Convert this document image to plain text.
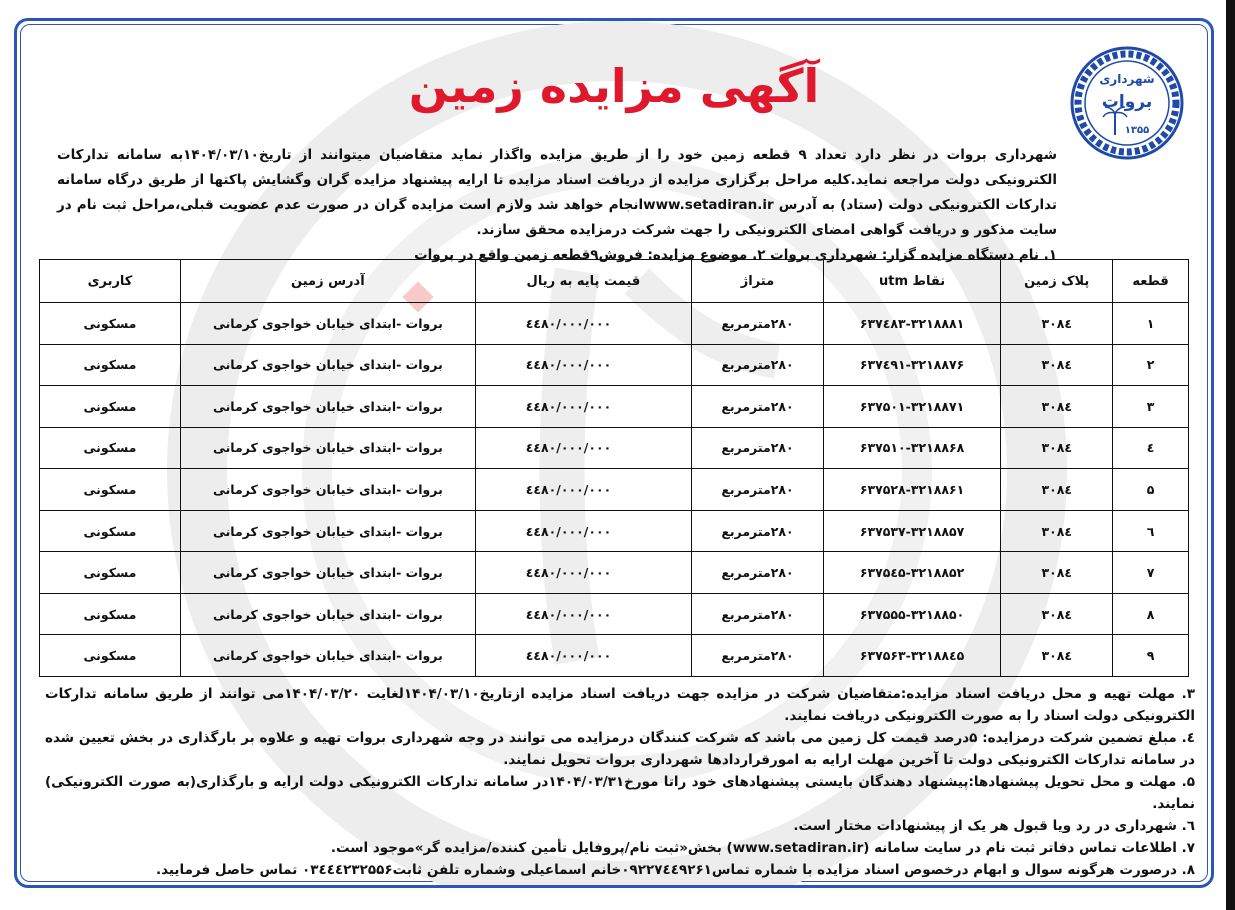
شهرداری
بروات
۱۳۵۵
آگهی مزایده زمین

شهرداری بروات در نظر دارد تعداد ۹ قطعه زمین خود را از طریق مزایده واگذار نماید متقاضیان میتوانند از تاریخ۱۴۰۴/۰۳/۱۰به سامانه تدارکات الکترونیکی دولت مراجعه نماید.کلیه مراحل برگزاری مزایده از دریافت اسناد مزایده تا ارایه پیشنهاد مزایده گران وگشایش پاکتها از طریق درگاه سامانه تدارکات الکترونیکی دولت (ستاد) به آدرس www.setadiran.irانجام خواهد شد ولازم است مزایده گران در صورت عدم عضویت قبلی،مراحل ثبت نام در سایت مذکور و دریافت گواهی امضای الکترونیکی را جهت شرکت درمزایده محقق سازند.

۱. نام دستگاه مزایده گزار: شهرداری بروات ۲. موضوع مزایده: فروش۹قطعه زمین واقع در بروات

قطعه	پلاک زمین	نقاط utm	متراژ	قیمت پایه به ریال	آدرس زمین	کاربری
۱	۳۰۸٤	۶۳۷٤۸۳-۳۲۱۸۸۸۱	۲۸۰مترمربع	٤٤۸۰/۰۰۰/۰۰۰	بروات -ابتدای خیابان خواجوی کرمانی	مسکونی
۲	۳۰۸٤	۶۳۷٤۹۱-۳۲۱۸۸۷۶	۲۸۰مترمربع	٤٤۸۰/۰۰۰/۰۰۰	بروات -ابتدای خیابان خواجوی کرمانی	مسکونی
۳	۳۰۸٤	۶۳۷۵۰۱-۳۲۱۸۸۷۱	۲۸۰مترمربع	٤٤۸۰/۰۰۰/۰۰۰	بروات -ابتدای خیابان خواجوی کرمانی	مسکونی
٤	۳۰۸٤	۶۳۷۵۱۰-۳۲۱۸۸۶۸	۲۸۰مترمربع	٤٤۸۰/۰۰۰/۰۰۰	بروات -ابتدای خیابان خواجوی کرمانی	مسکونی
۵	۳۰۸٤	۶۳۷۵۲۸-۳۲۱۸۸۶۱	۲۸۰مترمربع	٤٤۸۰/۰۰۰/۰۰۰	بروات -ابتدای خیابان خواجوی کرمانی	مسکونی
٦	۳۰۸٤	۶۳۷۵۳۷-۳۲۱۸۸۵۷	۲۸۰مترمربع	٤٤۸۰/۰۰۰/۰۰۰	بروات -ابتدای خیابان خواجوی کرمانی	مسکونی
۷	۳۰۸٤	۶۳۷۵٤۵-۳۲۱۸۸۵۲	۲۸۰مترمربع	٤٤۸۰/۰۰۰/۰۰۰	بروات -ابتدای خیابان خواجوی کرمانی	مسکونی
۸	۳۰۸٤	۶۳۷۵۵۵-۳۲۱۸۸۵۰	۲۸۰مترمربع	٤٤۸۰/۰۰۰/۰۰۰	بروات -ابتدای خیابان خواجوی کرمانی	مسکونی
۹	۳۰۸٤	۶۳۷۵۶۳-۳۲۱۸۸٤۵	۲۸۰مترمربع	٤٤۸۰/۰۰۰/۰۰۰	بروات -ابتدای خیابان خواجوی کرمانی	مسکونی

۳. مهلت تهیه و محل دریافت اسناد مزایده:متقاضیان شرکت در مزایده جهت دریافت اسناد مزایده ازتاریخ۱۴۰۴/۰۳/۱۰لغایت ۱۴۰۴/۰۳/۲۰می توانند از طریق سامانه تدارکات الکترونیکی دولت اسناد را به صورت الکترونیکی دریافت نمایند.

٤. مبلغ تضمین شرکت درمزایده: ۵درصد قیمت کل زمین می باشد که شرکت کنندگان درمزایده می توانند در وجه شهرداری بروات تهیه و علاوه بر بارگذاری در بخش تعیین شده در سامانه تدارکات الکترونیکی دولت تا آخرین مهلت ارایه به امورقراردادها شهرداری بروات تحویل نمایند.

۵. مهلت و محل تحویل پیشنهادها:پیشنهاد دهندگان بایستی پیشنهادهای خود راتا مورخ۱۴۰۴/۰۳/۳۱در سامانه تدارکات الکترونیکی دولت ارایه و بارگذاری(به صورت الکترونیکی) نمایند.

٦. شهرداری در رد ویا قبول هر یک از پیشنهادات مختار است.

۷. اطلاعات تماس دفاتر ثبت نام در سایت سامانه (www.setadiran.ir) بخش«ثبت نام/پروفایل تأمین کننده/مزایده گر»موجود است.

۸. درصورت هرگونه سوال و ابهام درخصوص اسناد مزایده با شماره تماس۰۹۲۲۷٤٤۹۲۶۱خانم اسماعیلی وشماره تلفن ثابت۰۳٤٤٤۲۳۲۵۵۶ تماس حاصل فرمایید.
